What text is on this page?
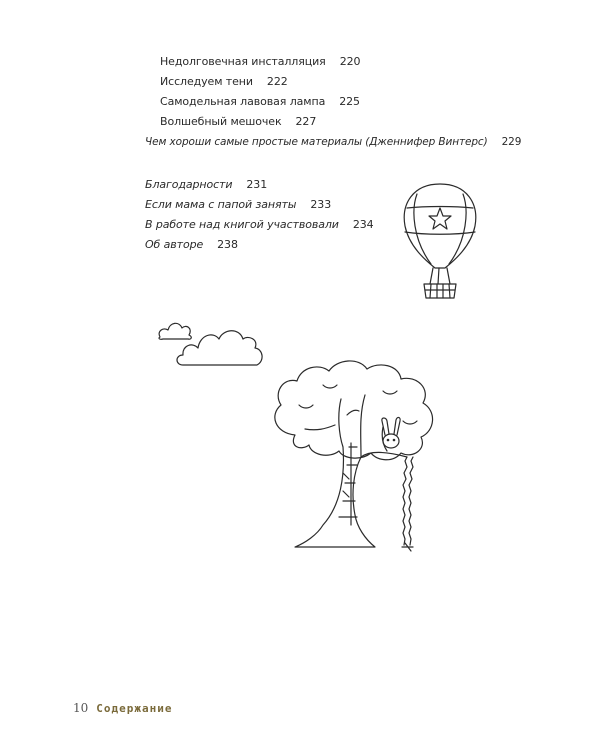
Недолговечная инсталляция 220
Исследуем тени 222
Самодельная лавовая лампа 225
Волшебный мешочек 227
Чем хороши самые простые материалы (Дженнифер Винтерс) 229
Благодарности 231
Если мама с папой заняты 233
В работе над книгой участвовали 234
Об авторе 238
10 Содержание
